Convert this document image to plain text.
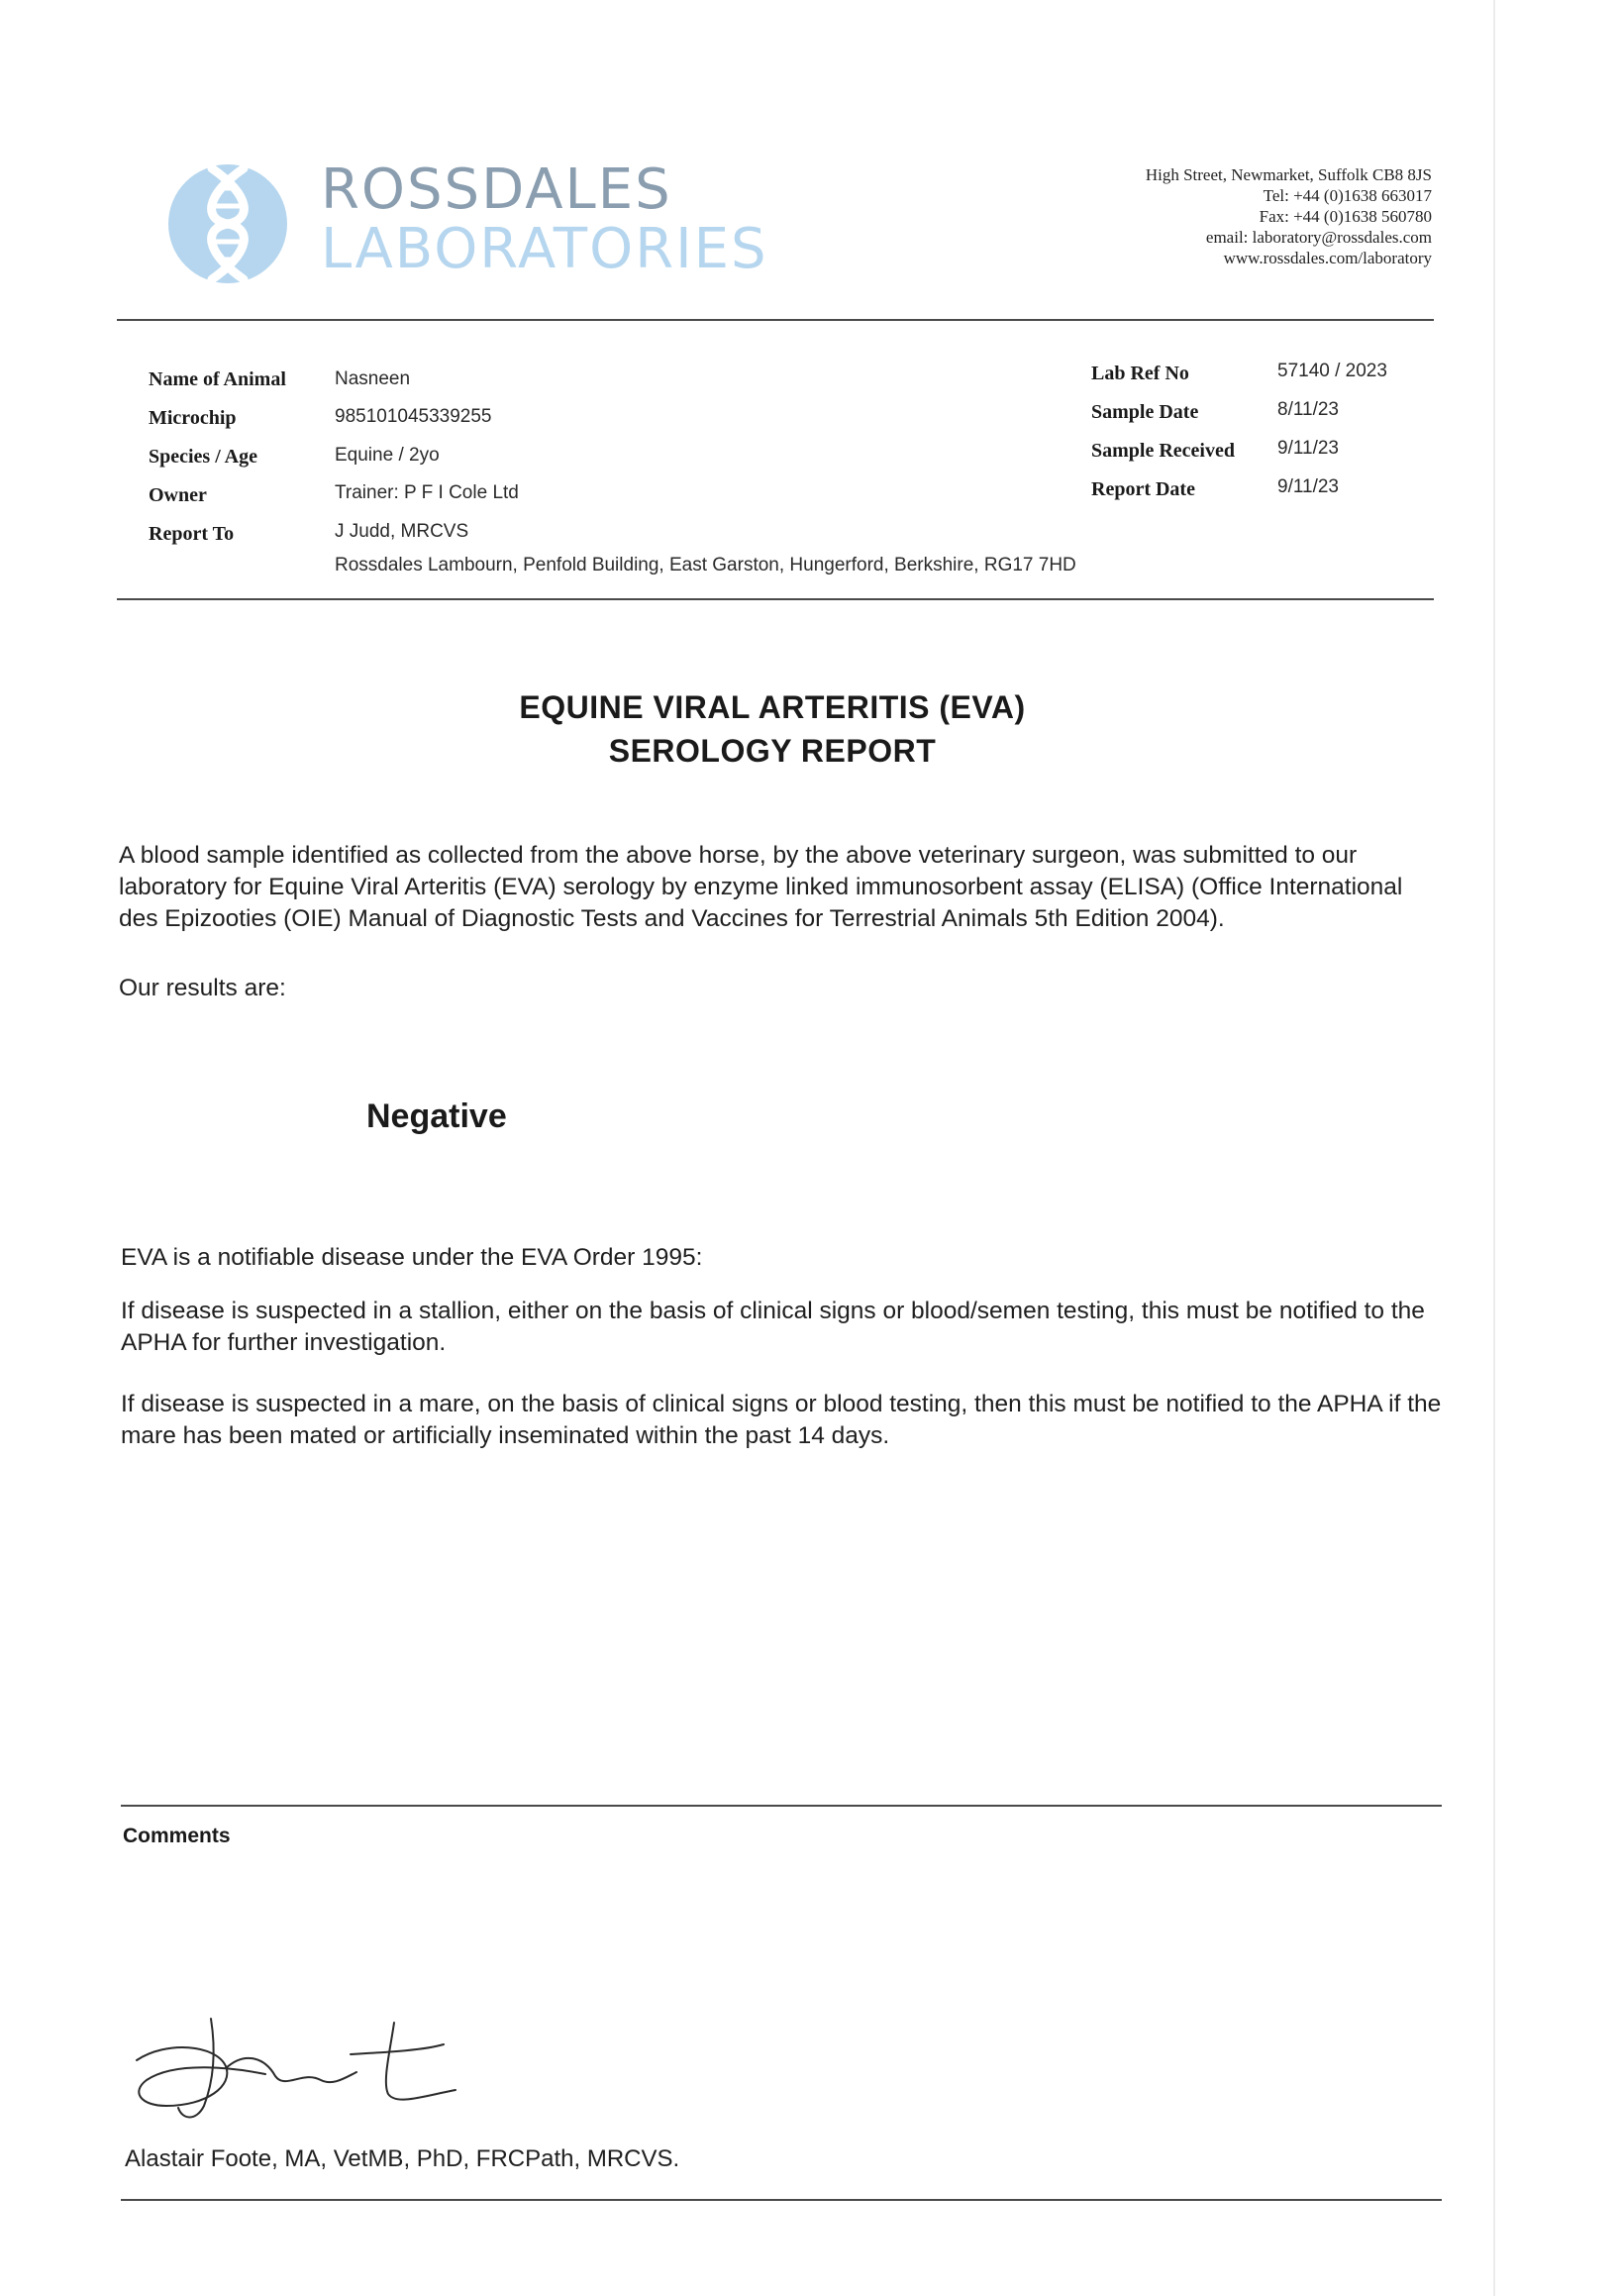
ROSSDALES
LABORATORIES
High Street, Newmarket, Suffolk CB8 8JS
Tel: +44 (0)1638 663017
Fax: +44 (0)1638 560780
email: laboratory@rossdales.com
www.rossdales.com/laboratory
Name of Animal	Nasneen
Microchip	985101045339255
Species / Age	Equine / 2yo
Owner	Trainer: P F I Cole Ltd
Report To	J Judd, MRCVS
Rossdales Lambourn, Penfold Building, East Garston, Hungerford, Berkshire, RG17 7HD
Lab Ref No	57140 / 2023
Sample Date	8/11/23
Sample Received 9/11/23
Report Date	9/11/23
EQUINE VIRAL ARTERITIS (EVA)
SEROLOGY REPORT
A blood sample identified as collected from the above horse, by the above veterinary surgeon, was submitted to our laboratory for Equine Viral Arteritis (EVA) serology by enzyme linked immunosorbent assay (ELISA) (Office International des Epizooties (OIE) Manual of Diagnostic Tests and Vaccines for Terrestrial Animals 5th Edition 2004).
Our results are:
Negative
EVA is a notifiable disease under the EVA Order 1995:
If disease is suspected in a stallion, either on the basis of clinical signs or blood/semen testing, this must be notified to the APHA for further investigation.
If disease is suspected in a mare, on the basis of clinical signs or blood testing, then this must be notified to the APHA if the mare has been mated or artificially inseminated within the past 14 days.
Comments
Alastair Foote, MA, VetMB, PhD, FRCPath, MRCVS.
